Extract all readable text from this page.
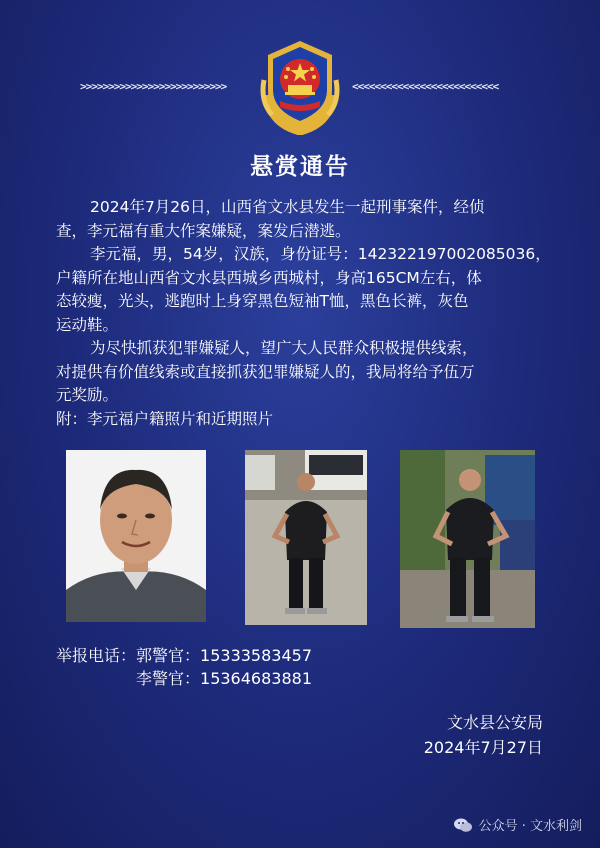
>>>>>>>>>>>>>>>>>>>>>>>>>>	<<<<<<<<<<<<<<<<<<<<<<<<<<
悬赏通告

2024年7月26日，山西省文水县发生一起刑事案件，经侦

查，李元福有重大作案嫌疑，案发后潜逃。

李元福，男，54岁，汉族，身份证号：142322197002085036，

户籍所在地山西省文水县西城乡西城村，身高165CM左右，体

态较瘦，光头，逃跑时上身穿黑色短袖T恤，黑色长裤，灰色

运动鞋。

为尽快抓获犯罪嫌疑人，望广大人民群众积极提供线索，

对提供有价值线索或直接抓获犯罪嫌疑人的，我局将给予伍万

元奖励。

附：李元福户籍照片和近期照片

举报电话：郭警官：15333583457
李警官：15364683881
文水县公安局
2024年7月27日
公众号 · 文水利剑
